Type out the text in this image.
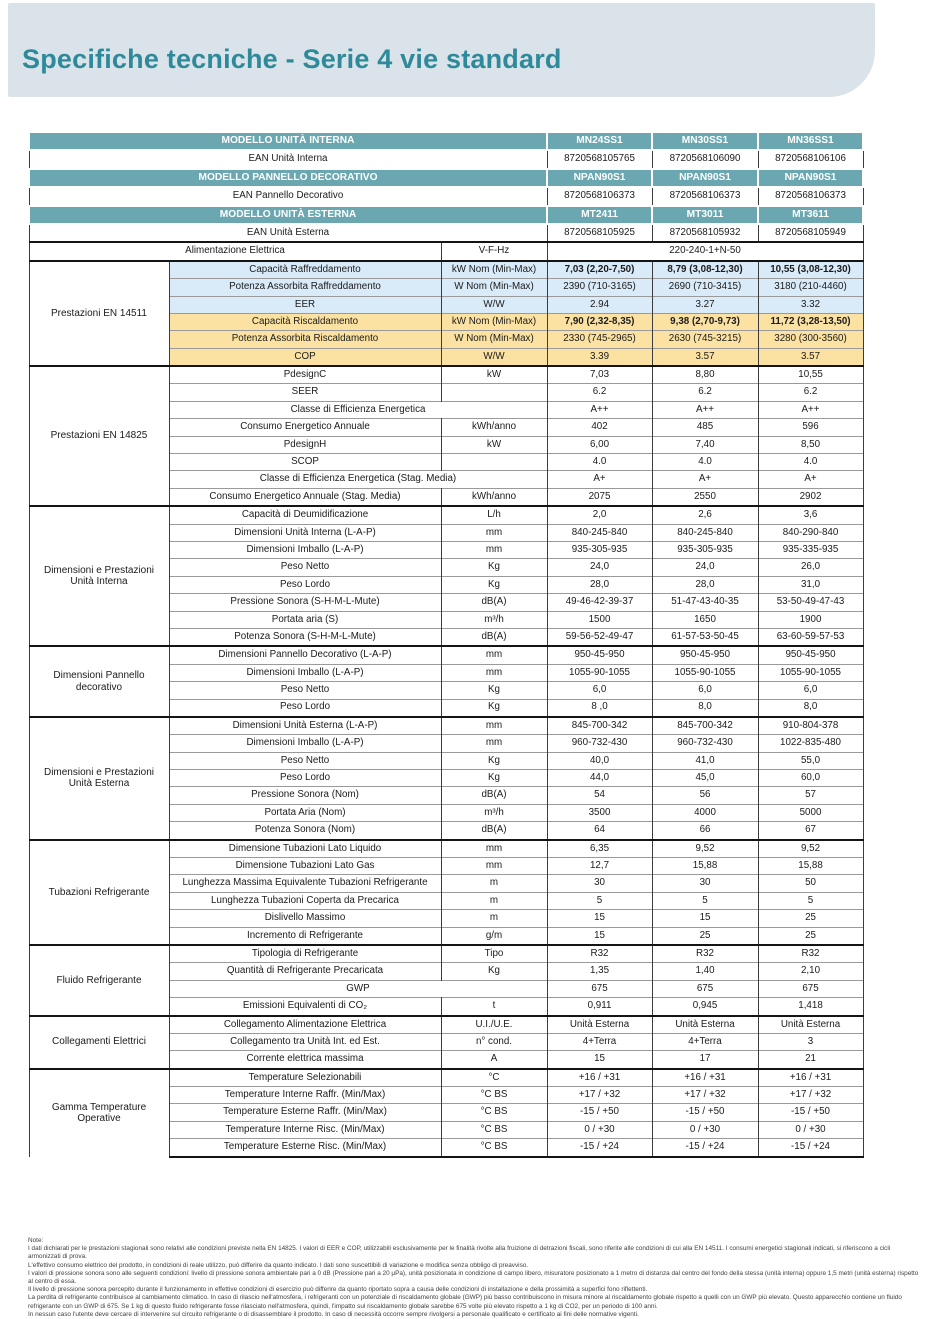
Specifiche tecniche - Serie 4 vie standard
MODELLO UNITÀ INTERNA			MN24SS1	MN30SS1	MN36SS1
EAN Unità Interna			8720568105765	8720568106090	8720568106106
MODELLO PANNELLO DECORATIVO			NPAN90S1	NPAN90S1	NPAN90S1
EAN Pannello Decorativo			8720568106373	8720568106373	8720568106373
MODELLO UNITÀ ESTERNA			MT2411	MT3011	MT3611
EAN Unità Esterna			8720568105925	8720568105932	8720568105949
Alimentazione Elettrica		V-F-Hz	220-240-1+N-50		
Prestazioni EN 14511	Capacità Raffreddamento	kW Nom (Min-Max)	7,03 (2,20-7,50)	8,79 (3,08-12,30)	10,55 (3,08-12,30)
	Potenza Assorbita Raffreddamento	W Nom (Min-Max)	2390 (710-3165)	2690 (710-3415)	3180 (210-4460)
	EER	W/W	2.94	3.27	3.32
	Capacità Riscaldamento	kW Nom (Min-Max)	7,90 (2,32-8,35)	9,38 (2,70-9,73)	11,72 (3,28-13,50)
	Potenza Assorbita Riscaldamento	W Nom (Min-Max)	2330 (745-2965)	2630 (745-3215)	3280 (300-3560)
	COP	W/W	3.39	3.57	3.57
Prestazioni EN 14825	PdesignC	kW	7,03	8,80	10,55
	SEER		6.2	6.2	6.2
	Classe di Efficienza Energetica		A++	A++	A++
	Consumo Energetico Annuale	kWh/anno	402	485	596
	PdesignH	kW	6,00	7,40	8,50
	SCOP		4.0	4.0	4.0
	Classe di Efficienza Energetica (Stag. Media)		A+	A+	A+
	Consumo Energetico Annuale (Stag. Media)	kWh/anno	2075	2550	2902
Dimensioni e Prestazioni Unità Interna	Capacità di Deumidificazione	L/h	2,0	2,6	3,6
	Dimensioni Unità Interna (L-A-P)	mm	840-245-840	840-245-840	840-290-840
	Dimensioni Imballo (L-A-P)	mm	935-305-935	935-305-935	935-335-935
	Peso Netto	Kg	24,0	24,0	26,0
	Peso Lordo	Kg	28,0	28,0	31,0
	Pressione Sonora (S-H-M-L-Mute)	dB(A)	49-46-42-39-37	51-47-43-40-35	53-50-49-47-43
	Portata aria (S)	m³/h	1500	1650	1900
	Potenza Sonora (S-H-M-L-Mute)	dB(A)	59-56-52-49-47	61-57-53-50-45	63-60-59-57-53
Dimensioni Pannello decorativo	Dimensioni Pannello Decorativo (L-A-P)	mm	950-45-950	950-45-950	950-45-950
	Dimensioni Imballo (L-A-P)	mm	1055-90-1055	1055-90-1055	1055-90-1055
	Peso Netto	Kg	6,0	6,0	6,0
	Peso Lordo	Kg	8 ,0	8,0	8,0
Dimensioni e Prestazioni Unità Esterna	Dimensioni Unità Esterna (L-A-P)	mm	845-700-342	845-700-342	910-804-378
	Dimensioni Imballo (L-A-P)	mm	960-732-430	960-732-430	1022-835-480
	Peso Netto	Kg	40,0	41,0	55,0
	Peso Lordo	Kg	44,0	45,0	60,0
	Pressione Sonora (Nom)	dB(A)	54	56	57
	Portata Aria (Nom)	m³/h	3500	4000	5000
	Potenza Sonora (Nom)	dB(A)	64	66	67
Tubazioni Refrigerante	Dimensione Tubazioni Lato Liquido	mm	6,35	9,52	9,52
	Dimensione Tubazioni Lato Gas	mm	12,7	15,88	15,88
	Lunghezza Massima Equivalente Tubazioni Refrigerante	m	30	30	50
	Lunghezza Tubazioni Coperta da Precarica	m	5	5	5
	Dislivello Massimo	m	15	15	25
	Incremento di Refrigerante	g/m	15	25	25
Fluido Refrigerante	Tipologia di Refrigerante	Tipo	R32	R32	R32
	Quantità di Refrigerante Precaricata	Kg	1,35	1,40	2,10
	GWP		675	675	675
	Emissioni Equivalenti di CO₂	t	0,911	0,945	1,418
Collegamenti Elettrici	Collegamento Alimentazione Elettrica	U.I./U.E.	Unità Esterna	Unità Esterna	Unità Esterna
	Collegamento tra Unità Int. ed Est.	n° cond.	4+Terra	4+Terra	3
	Corrente elettrica massima	A	15	17	21
Gamma Temperature Operative	Temperature Selezionabili	°C	+16 / +31	+16 / +31	+16 / +31
	Temperature Interne Raffr. (Min/Max)	°C BS	+17 / +32	+17 / +32	+17 / +32
	Temperature Esterne Raffr. (Min/Max)	°C BS	-15 / +50	-15 / +50	-15 / +50
	Temperature Interne Risc. (Min/Max)	°C BS	0 / +30	0 / +30	0 / +30
	Temperature Esterne Risc. (Min/Max)	°C BS	-15 / +24	-15 / +24	-15 / +24
Note:
I dati dichiarati per le prestazioni stagionali sono relativi alle condizioni previste nella EN 14825. I valori di EER e COP, utilizzabili esclusivamente per le finalità rivolte alla fruizione di detrazioni fiscali, sono riferite alle condizioni di cui alla EN 14511. I consumi energetici stagionali indicati, si riferiscono a cicli armonizzati di prova.
L'effettivo consumo elettrico del prodotto, in condizioni di reale utilizzo, può differire da quanto indicato. I dati sono suscettibili di variazione e modifica senza obbligo di preavviso.
I valori di pressione sonora sono alle seguenti condizioni: livello di pressione sonora ambientale pari a 0 dB (Pressione pari a 20 μPa), unità posizionata in condizione di campo libero, misuratore posizionato a 1 metro di distanza dal centro del fondo della stessa (unità interna) oppure 1,5 metri (unità esterna) rispetto al centro di essa.
Il livello di pressione sonora percepito durante il funzionamento in effettive condizioni di esercizio può differire da quanto riportato sopra a causa delle condizioni di installazione e della prossimità a superfici fono riflettenti.
La perdita di refrigerante contribuisce al cambiamento climatico. In caso di rilascio nell'atmosfera, i refrigeranti con un potenziale di riscaldamento globale (GWP) più basso contribuiscono in misura minore al riscaldamento globale rispetto a quelli con un GWP più elevato. Questo apparecchio contiene un fluido refrigerante con un GWP di 675. Se 1 kg di questo fluido refrigerante fosse rilasciato nell'atmosfera, quindi, l'impatto sul riscaldamento globale sarebbe 675 volte più elevato rispetto a 1 kg di CO2, per un periodo di 100 anni.
In nessun caso l'utente deve cercare di intervenire sul circuito refrigerante o di disassemblare il prodotto. In caso di necessità occorre sempre rivolgersi a personale qualificato e certificato ai fini delle normative vigenti.
